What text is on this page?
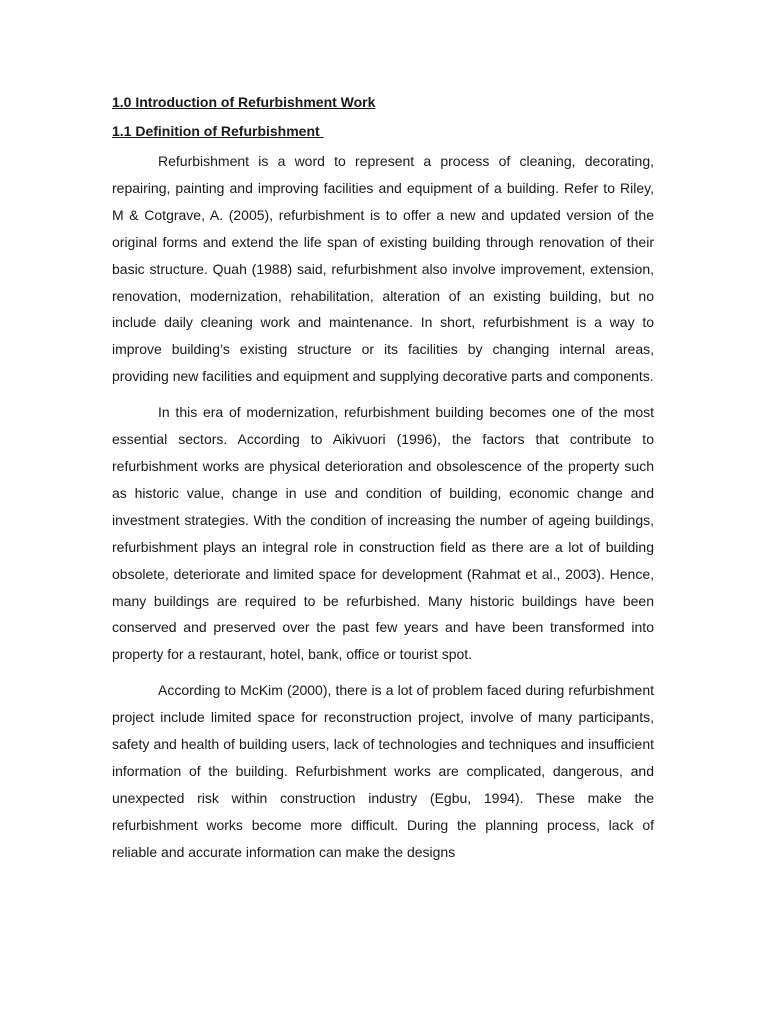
1.0 Introduction of Refurbishment Work

1.1 Definition of Refurbishment

Refurbishment is a word to represent a process of cleaning, decorating, repairing, painting and improving facilities and equipment of a building. Refer to Riley, M & Cotgrave, A. (2005), refurbishment is to offer a new and updated version of the original forms and extend the life span of existing building through renovation of their basic structure. Quah (1988) said, refurbishment also involve improvement, extension, renovation, modernization, rehabilitation, alteration of an existing building, but no include daily cleaning work and maintenance. In short, refurbishment is a way to improve building’s existing structure or its facilities by changing internal areas, providing new facilities and equipment and supplying decorative parts and components.

In this era of modernization, refurbishment building becomes one of the most essential sectors. According to Aikivuori (1996), the factors that contribute to refurbishment works are physical deterioration and obsolescence of the property such as historic value, change in use and condition of building, economic change and investment strategies. With the condition of increasing the number of ageing buildings, refurbishment plays an integral role in construction field as there are a lot of building obsolete, deteriorate and limited space for development (Rahmat et al., 2003). Hence, many buildings are required to be refurbished. Many historic buildings have been conserved and preserved over the past few years and have been transformed into property for a restaurant, hotel, bank, office or tourist spot.

According to McKim (2000), there is a lot of problem faced during refurbishment project include limited space for reconstruction project, involve of many participants, safety and health of building users, lack of technologies and techniques and insufficient information of the building. Refurbishment works are complicated, dangerous, and unexpected risk within construction industry (Egbu, 1994). These make the refurbishment works become more difficult. During the planning process, lack of reliable and accurate information can make the designs
